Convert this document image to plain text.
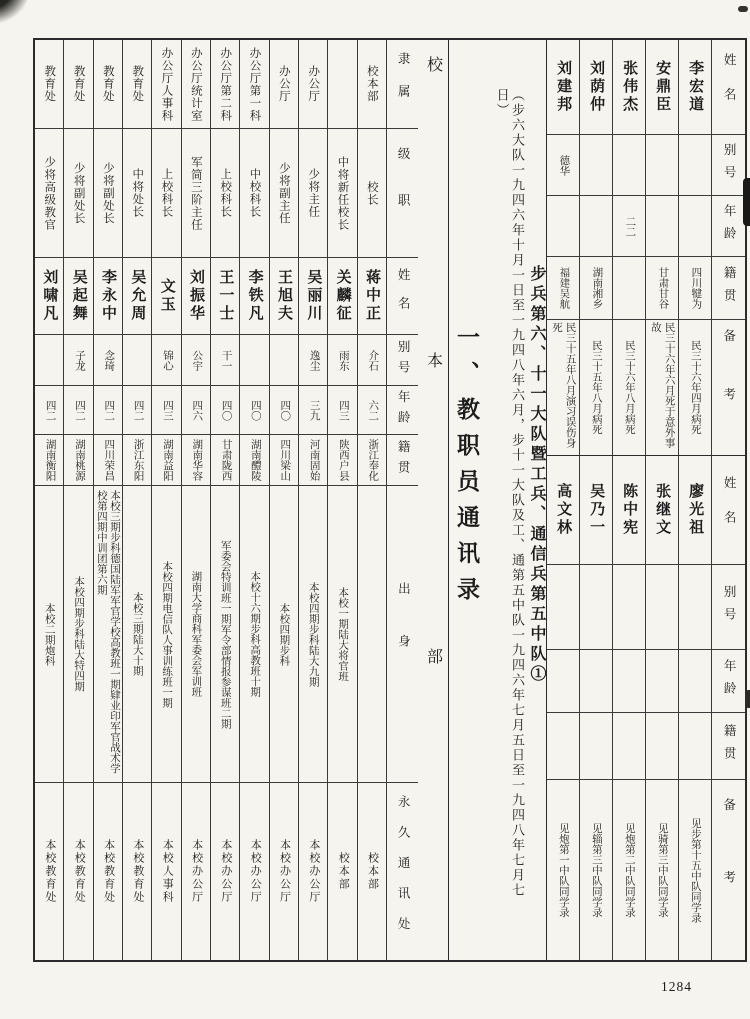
校本部
隶属
级职
姓名
别号
年龄
籍贯
出身
永久通讯处
校本部
校长
蒋中正
介石
六二
浙江奉化
校本部
中将新任校长
关麟征
雨东
四三
陕西户县
本校一期陆大将官班
校本部
办公厅
少将主任
吴丽川
逸尘
三九
河南固始
本校四期步科陆大九期
本校办公厅
办公厅
少将副主任
王旭夫
四〇
四川梁山
本校四期步科
本校办公厅
办公厅第一科
中校科长
李铁凡
四〇
湖南醴陵
本校十六期步科高教班十期
本校办公厅
办公厅第二科
上校科长
王一士
干一
四〇
甘肃陇西
军委会特训班一期军令部情报参谋班二期
本校办公厅
办公厅统计室
军简三阶主任
刘振华
公宇
四六
湖南华容
湖南大学商科军委会军训班
本校办公厅
办公厅人事科
上校科长
文玉
锦心
四三
湖南益阳
本校四期电信队人事训练班一期
本校人事科
教育处
中将处长
吴允周
四二
浙江东阳
本校三期陆大十期
本校教育处
教育处
少将副处长
李永中
念琦
四二
四川荣昌
本校三期步科德国陆军军官学校高教班一期肄业印军官战术学校第四期中训团第六期
本校教育处
教育处
少将副处长
吴起舞
子龙
四二
湖南桃源
本校四期步科陆大特四期
本校教育处
教育处
少将高级教官
刘啸凡
四二
湖南衡阳
本校二期炮科
本校教育处
一、教职员通讯录	（步六大队一九四六年十月一日至一九四八年六月，步十一大队及工、通第五中队一九四六年七月五日至一九四八年七月七日）
步兵第六、十一大队暨工兵、通信兵第五中队①
姓名
别号
年龄
籍贯
备考
李宏道
四川犍为
民三十六年四月病死
安鼎臣
甘肃甘谷
民三十六年六月死于意外事故
张伟杰
二二
民三十六年八月病死
刘荫仲
湖南湘乡
民三十五年八月病死
刘建邦
德华
福建吴航
民三十五年八月演习误伤身死
姓名
别号
年龄
籍贯
备考
廖光祖
见步第十五中队同学录
张继文
见骑第三中队同学录
陈中宪
见炮第二中队同学录
吴乃一
见辎第三中队同学录
高文林
见炮第一中队同学录
1284
